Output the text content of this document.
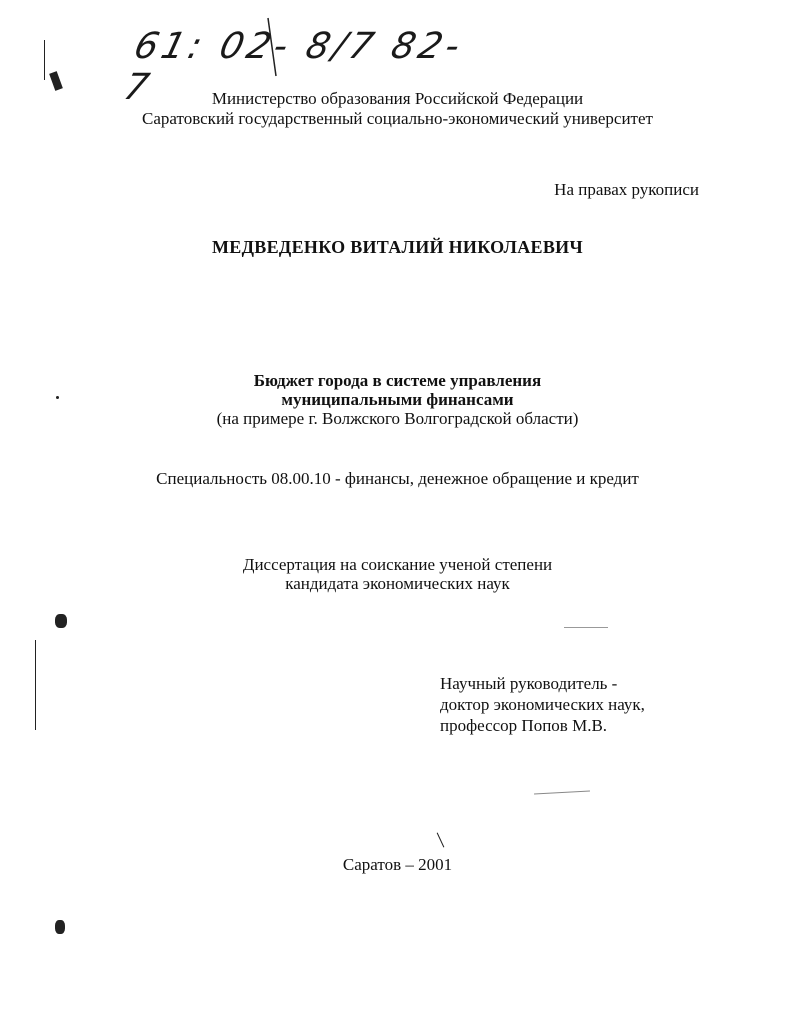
61: 02- 8/7 82- 7	Министерство образования Российской Федерации
Саратовский государственный социально-экономический университет
На правах рукописи
МЕДВЕДЕНКО ВИТАЛИЙ НИКОЛАЕВИЧ
Бюджет города в системе управления
муниципальными финансами
(на примере г. Волжского Волгоградской области)
Специальность 08.00.10 - финансы, денежное обращение и кредит
Диссертация на соискание ученой степени
кандидата экономических наук
Научный руководитель -
доктор экономических наук,
профессор Попов М.В.
Саратов – 2001
